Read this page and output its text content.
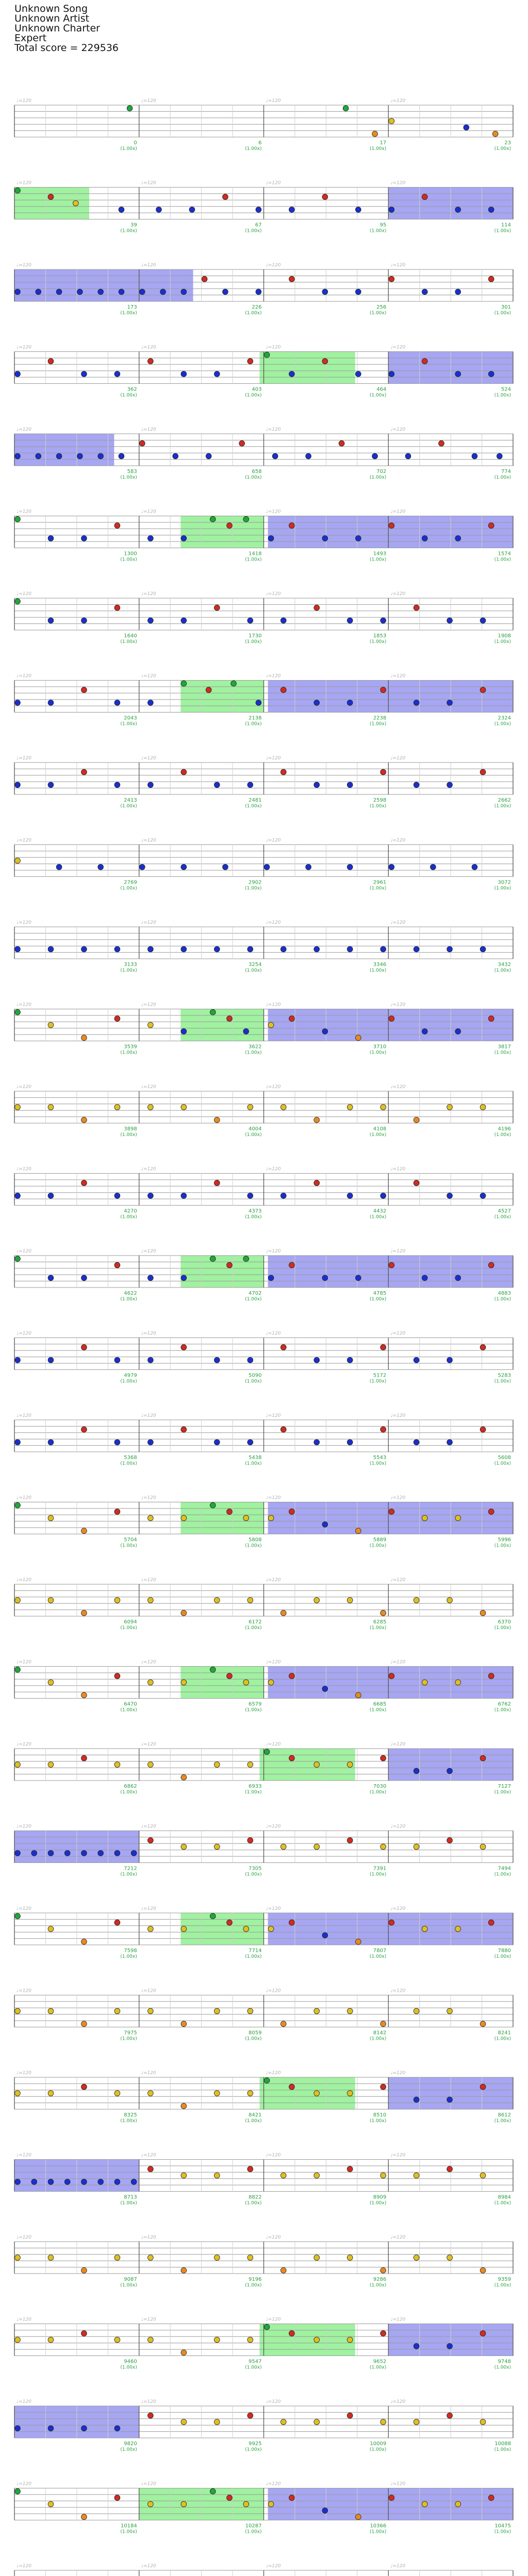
Unknown Song
Unknown Artist
Unknown Charter
Expert
Total score = 229536
♩=120	♩=120	♩=120	♩=120
0
(1.00x)
6
(1.00x)
17
(1.00x)
23
(1.00x)
♩=120	♩=120	♩=120	♩=120
39
(1.00x)
67
(1.00x)
95
(1.00x)
114
(1.00x)
♩=120	♩=120	♩=120	♩=120
173
(1.00x)
226
(1.00x)
256
(1.00x)
301
(1.00x)
♩=120	♩=120	♩=120	♩=120
362
(1.00x)
403
(1.00x)
464
(1.00x)
524
(1.00x)
♩=120	♩=120	♩=120	♩=120
583
(1.00x)
658
(1.00x)
702
(1.00x)
774
(1.00x)
♩=120	♩=120	♩=120	♩=120
1300
(1.00x)
1418
(1.00x)
1493
(1.00x)
1574
(1.00x)
♩=120	♩=120	♩=120	♩=120
1640
(1.00x)
1730
(1.00x)
1853
(1.00x)
1908
(1.00x)
♩=120	♩=120	♩=120	♩=120
2043
(1.00x)
2138
(1.00x)
2238
(1.00x)
2324
(1.00x)
♩=120	♩=120	♩=120	♩=120
2413
(1.00x)
2481
(1.00x)
2598
(1.00x)
2662
(1.00x)
♩=120	♩=120	♩=120	♩=120
2769
(1.00x)
2902
(1.00x)
2961
(1.00x)
3072
(1.00x)
♩=120	♩=120	♩=120	♩=120
3133
(1.00x)
3254
(1.00x)
3346
(1.00x)
3432
(1.00x)
♩=120	♩=120	♩=120	♩=120
3539
(1.00x)
3622
(1.00x)
3710
(1.00x)
3817
(1.00x)
♩=120	♩=120	♩=120	♩=120
3898
(1.00x)
4004
(1.00x)
4108
(1.00x)
4196
(1.00x)
♩=120	♩=120	♩=120	♩=120
4270
(1.00x)
4373
(1.00x)
4432
(1.00x)
4527
(1.00x)
♩=120	♩=120	♩=120	♩=120
4622
(1.00x)
4702
(1.00x)
4785
(1.00x)
4883
(1.00x)
♩=120	♩=120	♩=120	♩=120
4979
(1.00x)
5090
(1.00x)
5172
(1.00x)
5283
(1.00x)
♩=120	♩=120	♩=120	♩=120
5368
(1.00x)
5438
(1.00x)
5543
(1.00x)
5608
(1.00x)
♩=120	♩=120	♩=120	♩=120
5704
(1.00x)
5808
(1.00x)
5889
(1.00x)
5996
(1.00x)
♩=120	♩=120	♩=120	♩=120
6094
(1.00x)
6172
(1.00x)
6285
(1.00x)
6370
(1.00x)
♩=120	♩=120	♩=120	♩=120
6470
(1.00x)
6579
(1.00x)
6685
(1.00x)
6762
(1.00x)
♩=120	♩=120	♩=120	♩=120
6862
(1.00x)
6933
(1.00x)
7030
(1.00x)
7127
(1.00x)
♩=120	♩=120	♩=120	♩=120
7212
(1.00x)
7305
(1.00x)
7391
(1.00x)
7494
(1.00x)
♩=120	♩=120	♩=120	♩=120
7598
(1.00x)
7714
(1.00x)
7807
(1.00x)
7880
(1.00x)
♩=120	♩=120	♩=120	♩=120
7975
(1.00x)
8059
(1.00x)
8142
(1.00x)
8241
(1.00x)
♩=120	♩=120	♩=120	♩=120
8325
(1.00x)
8421
(1.00x)
8510
(1.00x)
8612
(1.00x)
♩=120	♩=120	♩=120	♩=120
8713
(1.00x)
8822
(1.00x)
8909
(1.00x)
8984
(1.00x)
♩=120	♩=120	♩=120	♩=120
9087
(1.00x)
9196
(1.00x)
9286
(1.00x)
9359
(1.00x)
♩=120	♩=120	♩=120	♩=120
9460
(1.00x)
9547
(1.00x)
9652
(1.00x)
9748
(1.00x)
♩=120	♩=120	♩=120	♩=120
9820
(1.00x)
9925
(1.00x)
10009
(1.00x)
10088
(1.00x)
♩=120	♩=120	♩=120	♩=120
10184
(1.00x)
10287
(1.00x)
10366
(1.00x)
10475
(1.00x)
♩=120	♩=120	♩=120	♩=120
